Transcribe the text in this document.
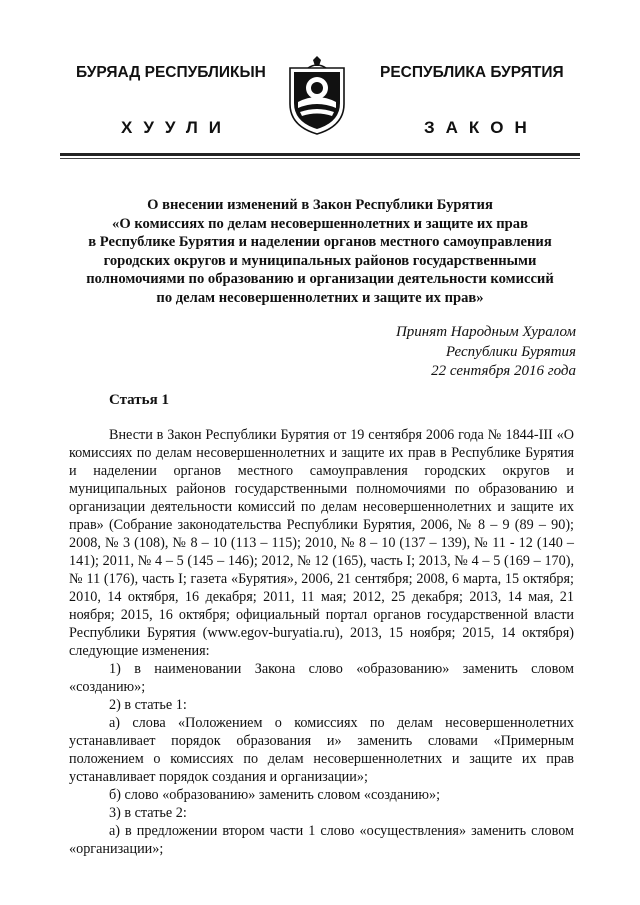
БУРЯАД РЕСПУБЛИКЫН
ХУУЛИ
РЕСПУБЛИКА БУРЯТИЯ
ЗАКОН
О внесении изменений в Закон Республики Бурятия
«О комиссиях по делам несовершеннолетних и защите их прав
в Республике Бурятия и наделении органов местного самоуправления
городских округов и муниципальных районов государственными
полномочиями по образованию и организации деятельности комиссий
по делам несовершеннолетних и защите их прав»
Принят Народным Хуралом
Республики Бурятия
22 сентября 2016 года
Статья 1

Внести в Закон Республики Бурятия от 19 сентября 2006 года № 1844-III «О комиссиях по делам несовершеннолетних и защите их прав в Республике Бурятия и наделении органов местного самоуправления городских округов и муниципальных районов государственными полномочиями по образованию и организации деятельности комиссий по делам несовершеннолетних и защите их прав» (Собрание законодательства Республики Бурятия, 2006, № 8 – 9 (89 – 90); 2008, № 3 (108), № 8 – 10 (113 – 115); 2010, № 8 – 10 (137 – 139), № 11 - 12 (140 – 141); 2011, № 4 – 5 (145 – 146); 2012, № 12 (165), часть I; 2013, № 4 – 5 (169 – 170), № 11 (176), часть I; газета «Бурятия», 2006, 21 сентября; 2008, 6 марта, 15 октября; 2010, 14 октября, 16 декабря; 2011, 11 мая; 2012, 25 декабря; 2013, 14 мая, 21 ноября; 2015, 16 октября; официальный портал органов государственной власти Республики Бурятия (www.egov-buryatia.ru), 2013, 15 ноября; 2015, 14 октября) следующие изменения:

1) в наименовании Закона слово «образованию» заменить словом «созданию»;

2) в статье 1:

а) слова «Положением о комиссиях по делам несовершеннолетних устанавливает порядок образования и» заменить словами «Примерным положением о комиссиях по делам несовершеннолетних и защите их прав устанавливает порядок создания и организации»;

б) слово «образованию» заменить словом «созданию»;

3) в статье 2:

а) в предложении втором части 1 слово «осуществления» заменить словом «организации»;
